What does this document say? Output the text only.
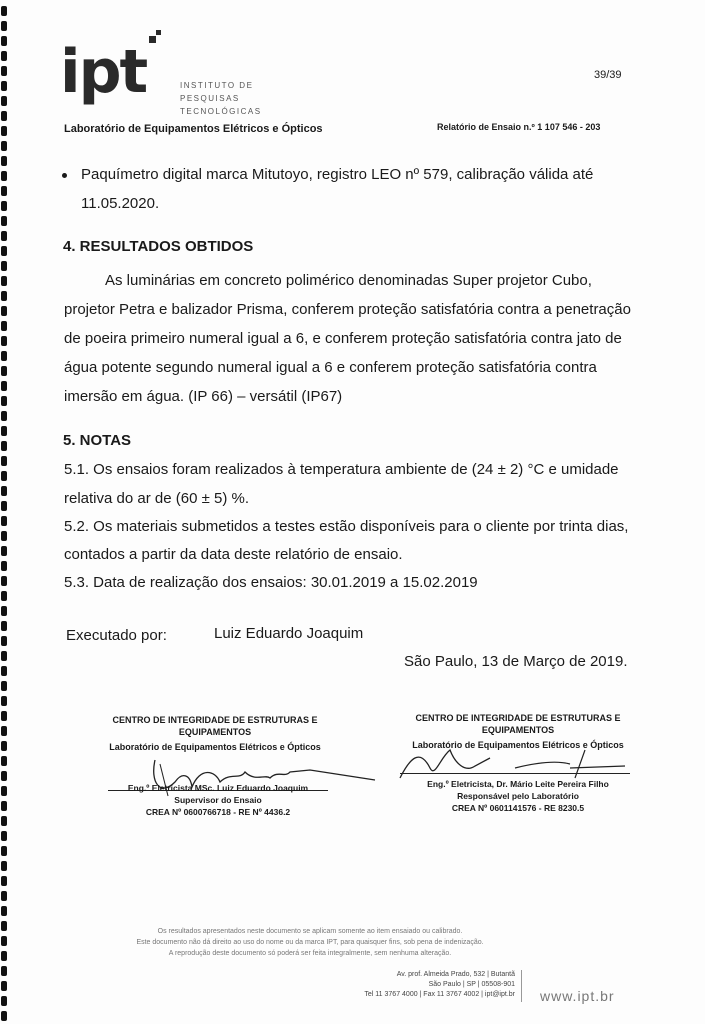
ipt	INSTITUTO DE
PESQUISAS
TECNOLÓGICAS
39/39
Laboratório de Equipamentos Elétricos e Ópticos	Relatório de Ensaio n.º 1 107 546 - 203
Paquímetro digital marca Mitutoyo, registro LEO nº 579, calibração válida até
11.05.2020.
4. RESULTADOS OBTIDOS
As luminárias em concreto polimérico denominadas Super projetor Cubo,
projetor Petra e balizador Prisma, conferem proteção satisfatória contra a penetração
de poeira primeiro numeral igual a 6, e conferem proteção satisfatória contra jato de
água potente segundo numeral igual a 6 e conferem proteção satisfatória contra
imersão em água. (IP 66) – versátil (IP67)
5. NOTAS
5.1. Os ensaios foram realizados à temperatura ambiente de (24 ± 2) °C e umidade
relativa do ar de (60 ± 5) %.
5.2. Os materiais submetidos a testes estão disponíveis para o cliente por trinta dias,
contados a partir da data deste relatório de ensaio.
5.3. Data de realização dos ensaios: 30.01.2019 a 15.02.2019
Executado por:	Luiz Eduardo Joaquim
São Paulo, 13 de Março de 2019.
CENTRO DE INTEGRIDADE DE ESTRUTURAS E
EQUIPAMENTOS
Laboratório de Equipamentos Elétricos e Ópticos
Eng.º Eletricista MSc. Luiz Eduardo Joaquim
Supervisor do Ensaio
CREA Nº 0600766718 - RE Nº 4436.2
CENTRO DE INTEGRIDADE DE ESTRUTURAS E
EQUIPAMENTOS
Laboratório de Equipamentos Elétricos e Ópticos
Eng.º Eletricista, Dr. Mário Leite Pereira Filho
Responsável pelo Laboratório
CREA Nº 0601141576 - RE 8230.5
Os resultados apresentados neste documento se aplicam somente ao item ensaiado ou calibrado.
Este documento não dá direito ao uso do nome ou da marca IPT, para quaisquer fins, sob pena de indenização.
A reprodução deste documento só poderá ser feita integralmente, sem nenhuma alteração.
Av. prof. Almeida Prado, 532 | Butantã
São Paulo | SP | 05508-901
Tel 11 3767 4000 | Fax 11 3767 4002 | ipt@ipt.br www.ipt.br
